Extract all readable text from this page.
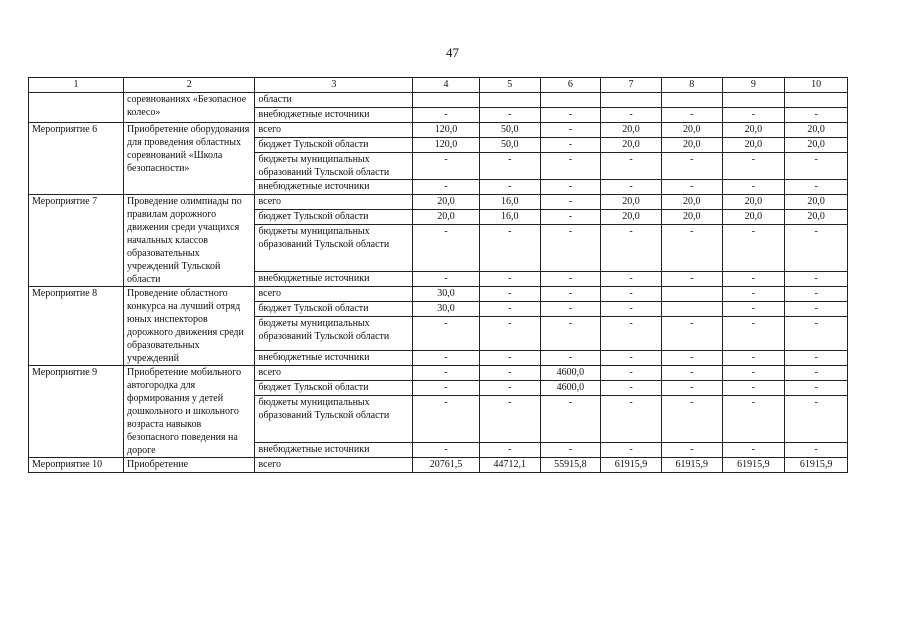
47
1	2	3	4	5	6	7	8	9	10
	соревнованиях «Безопасное колесо»	области							
		внебюджетные источники	-	-	-	-	-	-	-
Мероприятие 6	Приобретение оборудования для проведения областных соревнований «Школа безопасности»	всего	120,0	50,0	-	20,0	20,0	20,0	20,0
		бюджет Тульской области	120,0	50,0	-	20,0	20,0	20,0	20,0
		бюджеты муниципальных образований Тульской области	-	-	-	-	-	-	-
		внебюджетные источники	-	-	-	-	-	-	-
Мероприятие 7	Проведение олимпиады по правилам дорожного движения среди учащихся начальных классов образовательных учреждений Тульской области	всего	20,0	16,0	-	20,0	20,0	20,0	20,0
		бюджет Тульской области	20,0	16,0	-	20,0	20,0	20,0	20,0
		бюджеты муниципальных образований Тульской области	-	-	-	-	-	-	-
		внебюджетные источники	-	-	-	-	-	-	-
Мероприятие 8	Проведение областного конкурса на лучший отряд юных инспекторов дорожного движения среди образовательных учреждений	всего	30,0	-	-	-		-	-
		бюджет Тульской области	30,0	-	-	-		-	-
		бюджеты муниципальных образований Тульской области	-	-	-	-	-	-	-
		внебюджетные источники	-	-	-	-	-	-	-
Мероприятие 9	Приобретение мобильного автогородка для формирования у детей дошкольного и школьного возраста навыков безопасного поведения на дороге	всего	-	-	4600,0	-	-	-	-
		бюджет Тульской области	-	-	4600,0	-	-	-	-
		бюджеты муниципальных образований Тульской области	-	-	-	-	-	-	-
		внебюджетные источники	-	-	-	-	-	-	-
Мероприятие 10	Приобретение	всего	20761,5	44712,1	55915,8	61915,9	61915,9	61915,9	61915,9
